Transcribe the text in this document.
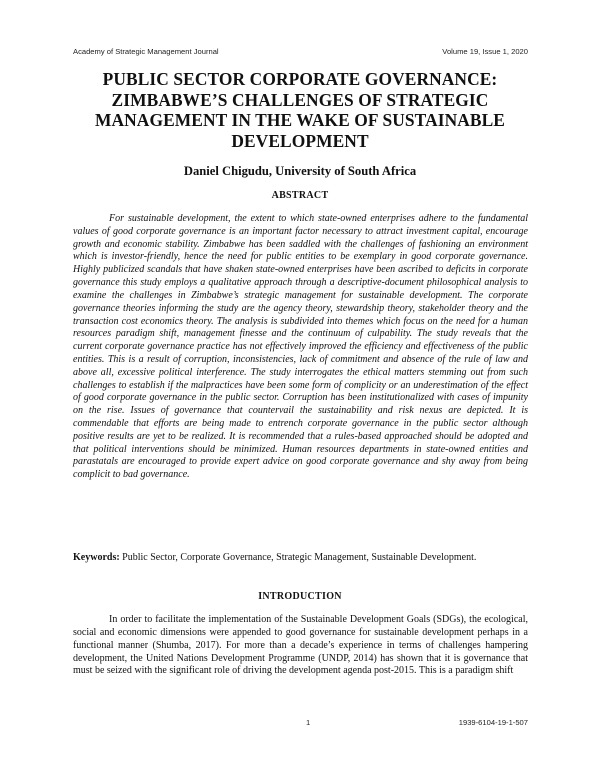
Academy of Strategic Management Journal	Volume 19, Issue 1, 2020
PUBLIC SECTOR CORPORATE GOVERNANCE:
ZIMBABWE’S CHALLENGES OF STRATEGIC
MANAGEMENT IN THE WAKE OF SUSTAINABLE
DEVELOPMENT
Daniel Chigudu, University of South Africa
ABSTRACT

For sustainable development, the extent to which state-owned enterprises adhere to the fundamental values of good corporate governance is an important factor necessary to attract investment capital, encourage growth and economic stability. Zimbabwe has been saddled with the challenges of fashioning an environment which is investor-friendly, hence the need for public entities to be exemplary in good corporate governance. Highly publicized scandals that have shaken state-owned enterprises have been ascribed to deficits in corporate governance this study employs a qualitative approach through a descriptive-document philosophical analysis to examine the challenges in Zimbabwe’s strategic management for sustainable development. The corporate governance theories informing the study are the agency theory, stewardship theory, stakeholder theory and the transaction cost economics theory. The analysis is subdivided into themes which focus on the need for a human resources paradigm shift, management finesse and the continuum of culpability. The study reveals that the current corporate governance practice has not effectively improved the efficiency and effectiveness of the public entities. This is a result of corruption, inconsistencies, lack of commitment and absence of the rule of law and above all, excessive political interference. The study interrogates the ethical matters stemming out from such challenges to establish if the malpractices have been some form of complicity or an underestimation of the effect of good corporate governance in the public sector. Corruption has been institutionalized with cases of impunity on the rise. Issues of governance that countervail the sustainability and risk nexus are depicted. It is commendable that efforts are being made to entrench corporate governance in the public sector although positive results are yet to be realized. It is recommended that a rules-based approached should be adopted and that political interventions should be minimized. Human resources departments in state-owned entities and parastatals are encouraged to provide expert advice on good corporate governance and shy away from being complicit to bad governance.

Keywords: Public Sector, Corporate Governance, Strategic Management, Sustainable Development.

INTRODUCTION

In order to facilitate the implementation of the Sustainable Development Goals (SDGs), the ecological, social and economic dimensions were appended to good governance for sustainable development perhaps in a functional manner (Shumba, 2017). For more than a decade’s experience in terms of challenges hampering development, the United Nations Development Programme (UNDP, 2014) has shown that it is governance that must be seized with the significant role of driving the development agenda post-2015. This is a paradigm shift

1	1939-6104-19-1-507
